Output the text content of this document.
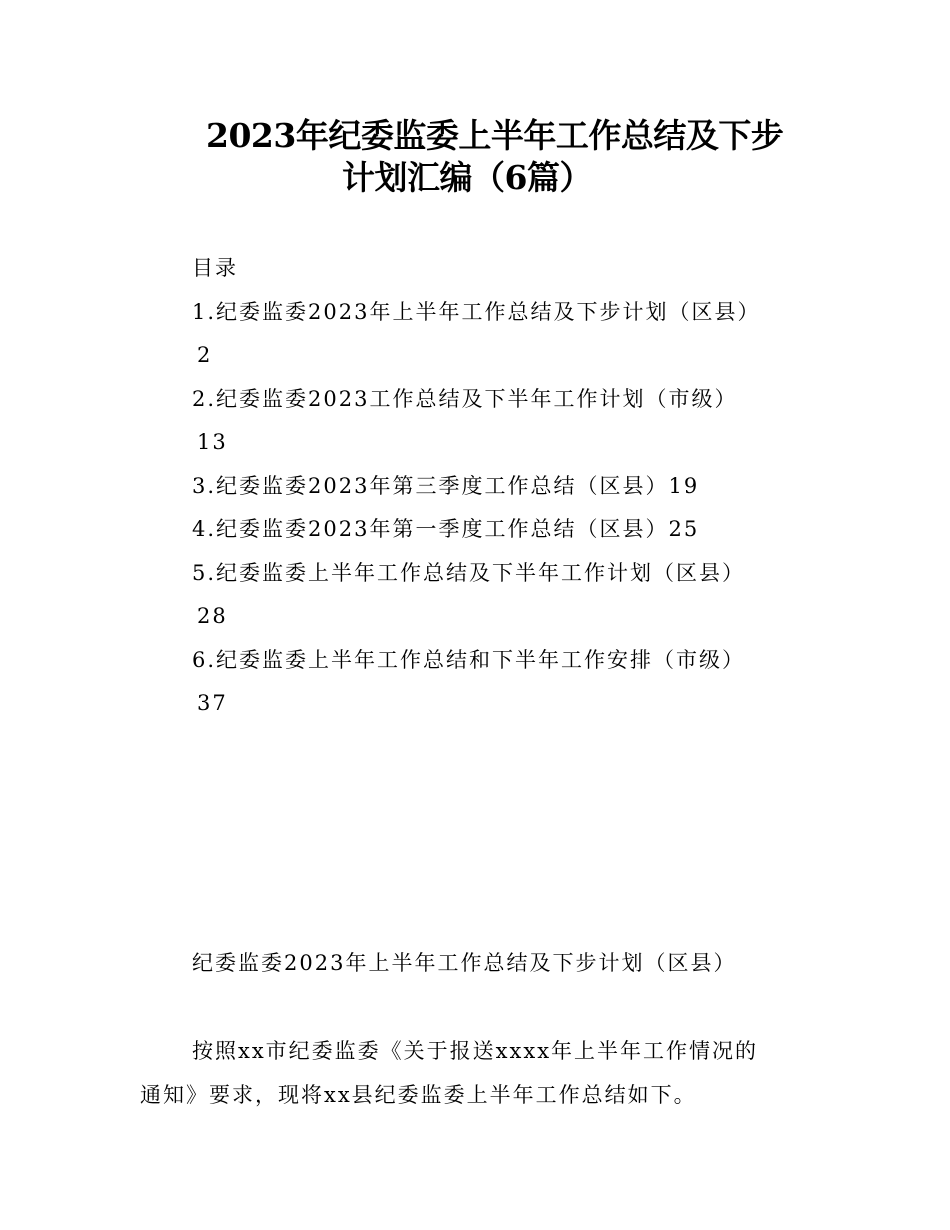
2023年纪委监委上半年工作总结及下步
计划汇编（6篇）
目录
1.纪委监委2023年上半年工作总结及下步计划（区县）
2
2.纪委监委2023工作总结及下半年工作计划（市级）
13
3.纪委监委2023年第三季度工作总结（区县）19
4.纪委监委2023年第一季度工作总结（区县）25
5.纪委监委上半年工作总结及下半年工作计划（区县）
28
6.纪委监委上半年工作总结和下半年工作安排（市级）
37
纪委监委2023年上半年工作总结及下步计划（区县）
按照xx市纪委监委《关于报送xxxx年上半年工作情况的
通知》要求，现将xx县纪委监委上半年工作总结如下。
